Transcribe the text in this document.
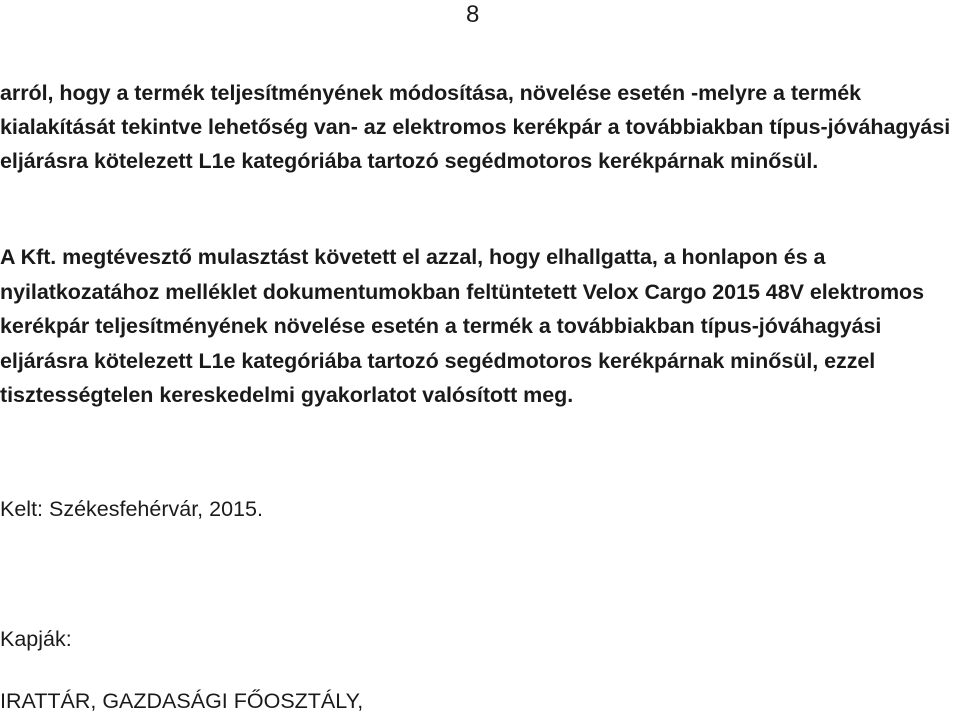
8

arról, hogy a termék teljesítményének módosítása, növelése esetén -melyre a termék kialakítását tekintve lehetőség van- az elektromos kerékpár a továbbiakban típus-jóváhagyási eljárásra kötelezett L1e kategóriába tartozó segédmotoros kerékpárnak minősül.

A Kft. megtévesztő mulasztást követett el azzal, hogy elhallgatta, a honlapon és a nyilatkozatához melléklet dokumentumokban feltüntetett Velox Cargo 2015 48V elektromos kerékpár teljesítményének növelése esetén a termék a továbbiakban típus-jóváhagyási eljárásra kötelezett L1e kategóriába tartozó segédmotoros kerékpárnak minősül, ezzel tisztességtelen kereskedelmi gyakorlatot valósított meg.

Kelt: Székesfehérvár, 2015.

Kapják:

IRATTÁR, GAZDASÁGI FŐOSZTÁLY,
